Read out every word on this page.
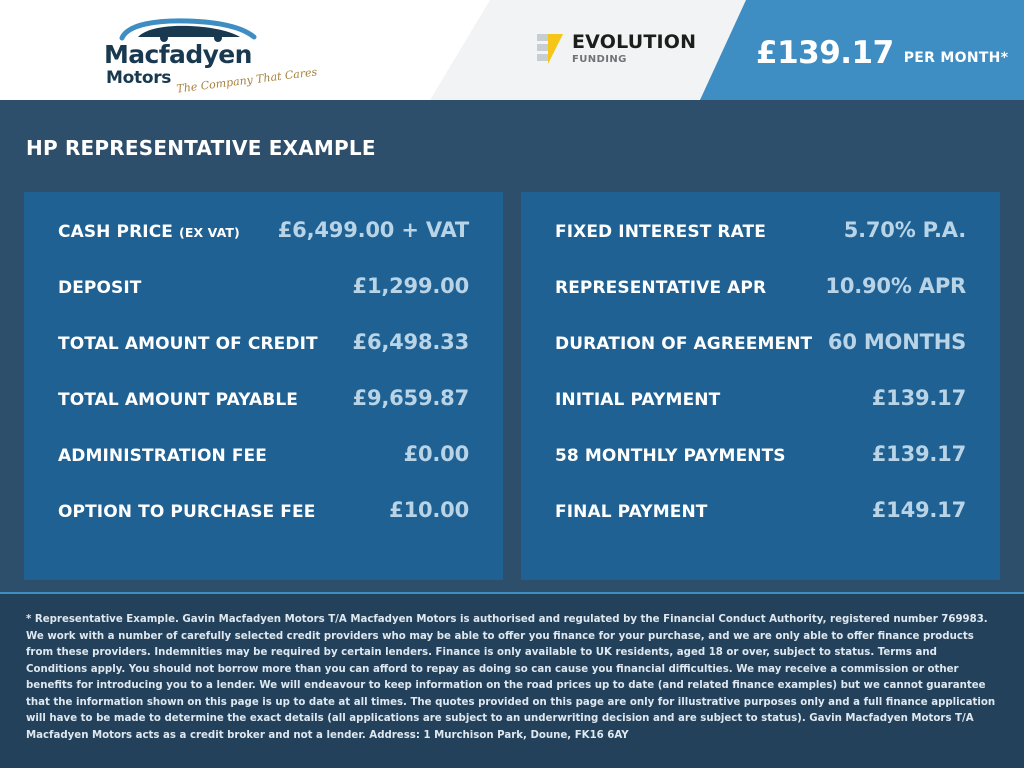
Macfadyen
Motors The Company That Cares
EVOLUTION
FUNDING	£139.17 PER MONTH*
HP REPRESENTATIVE EXAMPLE
CASH PRICE (EX VAT) £6,499.00 + VAT
DEPOSIT	£1,299.00
TOTAL AMOUNT OF CREDIT £6,498.33
TOTAL AMOUNT PAYABLE	£9,659.87
ADMINISTRATION FEE	£0.00
OPTION TO PURCHASE FEE	£10.00
FIXED INTEREST RATE	5.70% P.A.
REPRESENTATIVE APR	10.90% APR
DURATION OF AGREEMENT 60 MONTHS
INITIAL PAYMENT	£139.17
58 MONTHLY PAYMENTS	£139.17
FINAL PAYMENT	£149.17

* Representative Example. Gavin Macfadyen Motors T/A Macfadyen Motors is authorised and regulated by the Financial Conduct Authority, registered number 769983. We work with a number of carefully selected credit providers who may be able to offer you finance for your purchase, and we are only able to offer finance products from these providers. Indemnities may be required by certain lenders. Finance is only available to UK residents, aged 18 or over, subject to status. Terms and Conditions apply. You should not borrow more than you can afford to repay as doing so can cause you financial difficulties. We may receive a commission or other benefits for introducing you to a lender. We will endeavour to keep information on the road prices up to date (and related finance examples) but we cannot guarantee that the information shown on this page is up to date at all times. The quotes provided on this page are only for illustrative purposes only and a full finance application will have to be made to determine the exact details (all applications are subject to an underwriting decision and are subject to status). Gavin Macfadyen Motors T/A Macfadyen Motors acts as a credit broker and not a lender. Address: 1 Murchison Park, Doune, FK16 6AY
